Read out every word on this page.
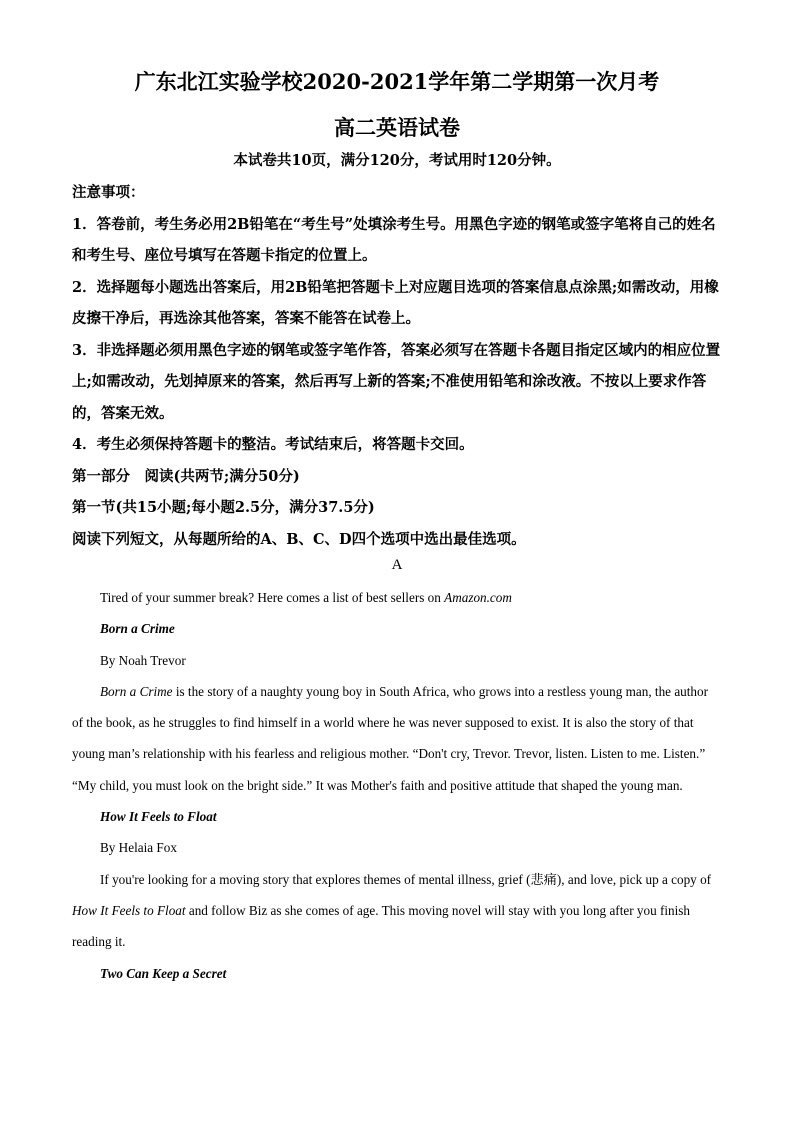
广东北江实验学校2020-2021学年第二学期第一次月考
高二英语试卷
本试卷共10页，满分120分，考试用时120分钟。

注意事项：

1．答卷前，考生务必用2B铅笔在“考生号”处填涂考生号。用黑色字迹的钢笔或签字笔将自己的姓名和考生号、座位号填写在答题卡指定的位置上。

2．选择题每小题选出答案后，用2B铅笔把答题卡上对应题目选项的答案信息点涂黑;如需改动，用橡皮擦干净后，再选涂其他答案，答案不能答在试卷上。

3．非选择题必须用黑色字迹的钢笔或签字笔作答，答案必须写在答题卡各题目指定区域内的相应位置上;如需改动，先划掉原来的答案，然后再写上新的答案;不准使用铅笔和涂改液。不按以上要求作答的，答案无效。

4．考生必须保持答题卡的整洁。考试结束后，将答题卡交回。

第一部分　阅读(共两节;满分50分)

第一节(共15小题;每小题2.5分，满分37.5分)

阅读下列短文，从每题所给的A、B、C、D四个选项中选出最佳选项。

A

Tired of your summer break? Here comes a list of best sellers on Amazon.com

Born a Crime

By Noah Trevor

Born a Crime is the story of a naughty young boy in South Africa, who grows into a restless young man, the author of the book, as he struggles to find himself in a world where he was never supposed to exist. It is also the story of that young man’s relationship with his fearless and religious mother. “Don't cry, Trevor. Trevor, listen. Listen to me. Listen.” “My child, you must look on the bright side.” It was Mother's faith and positive attitude that shaped the young man.

How It Feels to Float

By Helaia Fox

If you're looking for a moving story that explores themes of mental illness, grief (悲痛), and love, pick up a copy of How It Feels to Float and follow Biz as she comes of age. This moving novel will stay with you long after you finish reading it.

Two Can Keep a Secret
